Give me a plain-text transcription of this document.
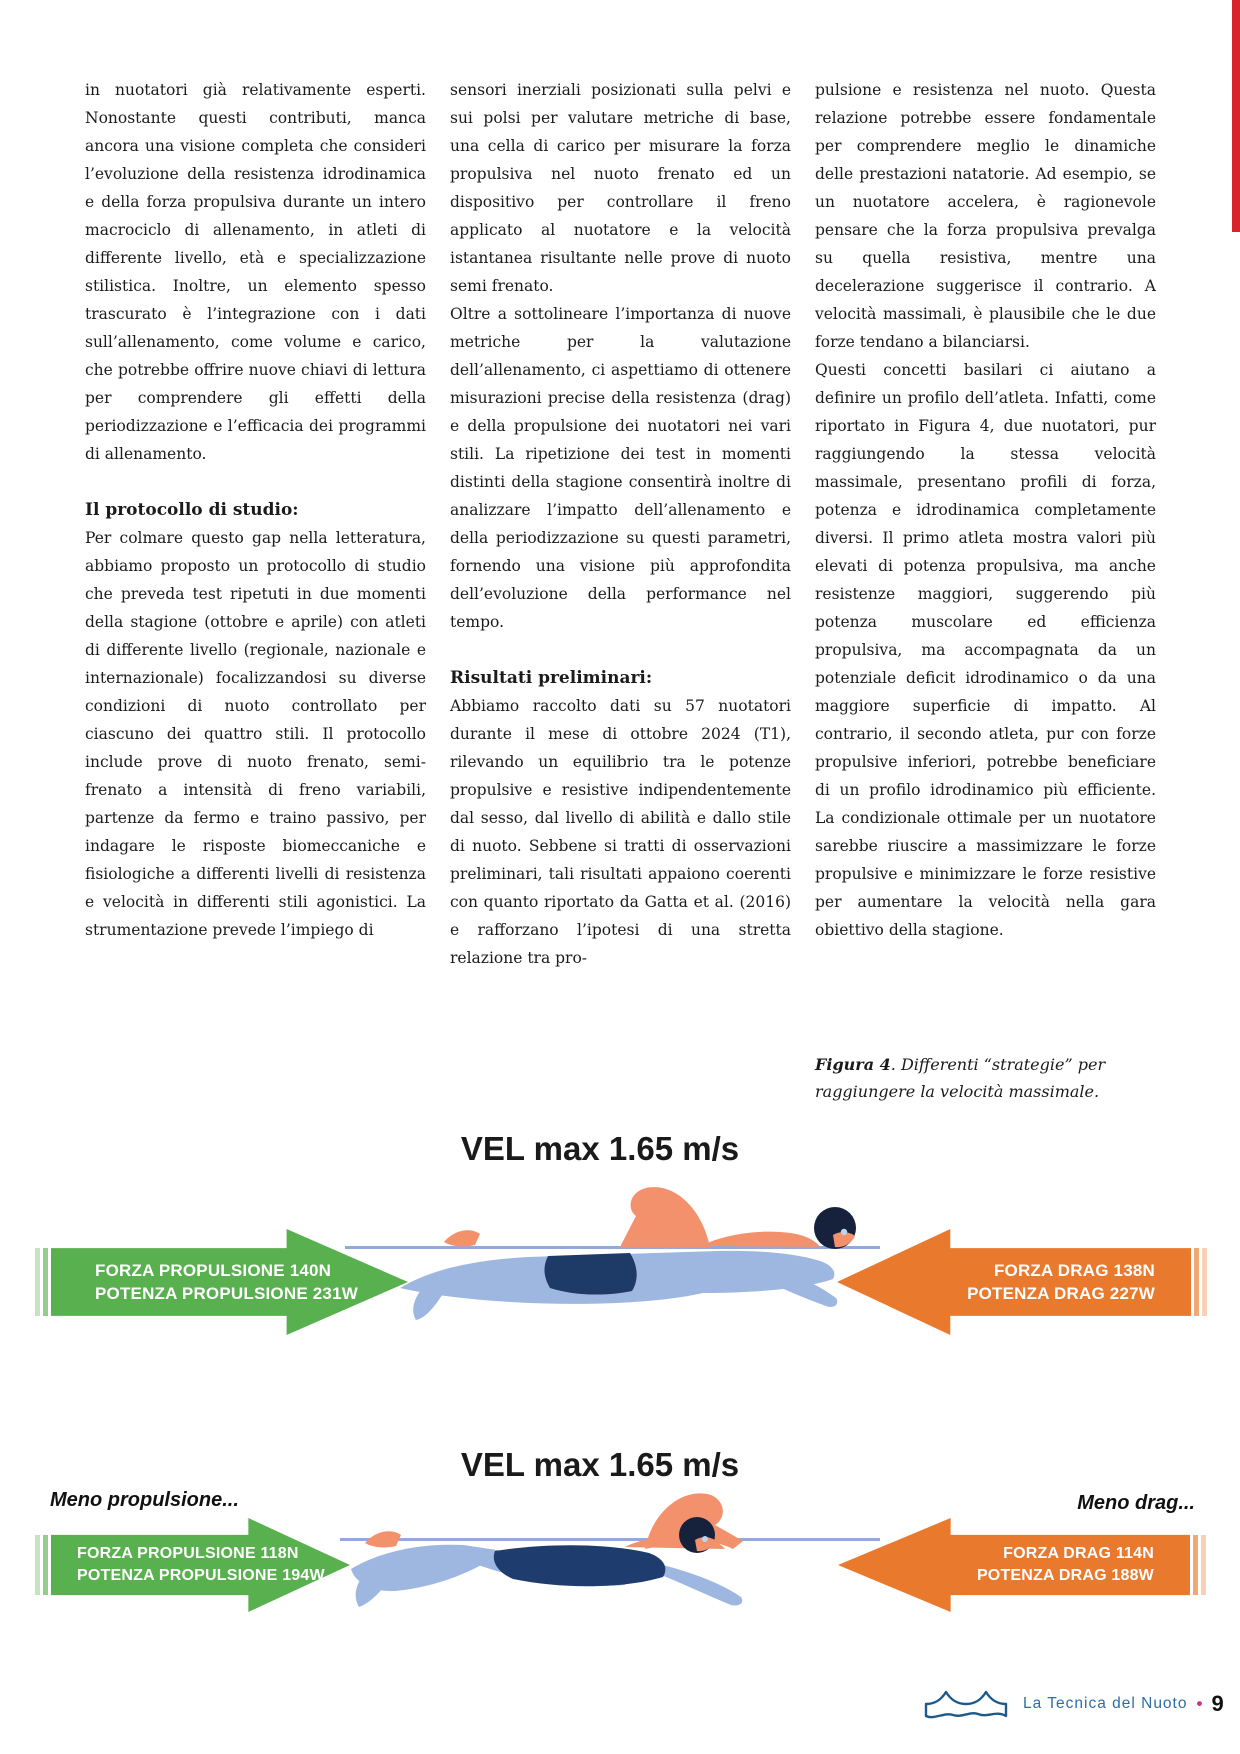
in nuotatori già relativamente esperti. Nonostante questi contributi, manca ancora una visione completa che consideri l’evoluzione della resistenza idrodinamica e della forza propulsiva durante un intero macrociclo di allenamento, in atleti di differente livello, età e specializzazione stilistica. Inoltre, un elemento spesso trascurato è l’integrazione con i dati sull’allenamento, come volume e carico, che potrebbe offrire nuove chiavi di lettura per comprendere gli effetti della periodizzazione e l’efficacia dei programmi di allenamento.

Il protocollo di studio:

Per colmare questo gap nella letteratura, abbiamo proposto un protocollo di studio che preveda test ripetuti in due momenti della stagione (ottobre e aprile) con atleti di differente livello (regionale, nazionale e internazionale) focalizzandosi su diverse condizioni di nuoto controllato per ciascuno dei quattro stili. Il protocollo include prove di nuoto frenato, semi-frenato a intensità di freno variabili, partenze da fermo e traino passivo, per indagare le risposte biomeccaniche e fisiologiche a differenti livelli di resistenza e velocità in differenti stili agonistici. La strumentazione prevede l’impiego di

sensori inerziali posizionati sulla pelvi e sui polsi per valutare metriche di base, una cella di carico per misurare la forza propulsiva nel nuoto frenato ed un dispositivo per controllare il freno applicato al nuotatore e la velocità istantanea risultante nelle prove di nuoto semi frenato.

Oltre a sottolineare l’importanza di nuove metriche per la valutazione dell’allenamento, ci aspettiamo di ottenere misurazioni precise della resistenza (drag) e della propulsione dei nuotatori nei vari stili. La ripetizione dei test in momenti distinti della stagione consentirà inoltre di analizzare l’impatto dell’allenamento e della periodizzazione su questi parametri, fornendo una visione più approfondita dell’evoluzione della performance nel tempo.

Risultati preliminari:

Abbiamo raccolto dati su 57 nuotatori durante il mese di ottobre 2024 (T1), rilevando un equilibrio tra le potenze propulsive e resistive indipendentemente dal sesso, dal livello di abilità e dallo stile di nuoto. Sebbene si tratti di osservazioni preliminari, tali risultati appaiono coerenti con quanto riportato da Gatta et al. (2016) e rafforzano l’ipotesi di una stretta relazione tra pro-

pulsione e resistenza nel nuoto. Questa relazione potrebbe essere fondamentale per comprendere meglio le dinamiche delle prestazioni natatorie. Ad esempio, se un nuotatore accelera, è ragionevole pensare che la forza propulsiva prevalga su quella resistiva, mentre una decelerazione suggerisce il contrario. A velocità massimali, è plausibile che le due forze tendano a bilanciarsi.

Questi concetti basilari ci aiutano a definire un profilo dell’atleta. Infatti, come riportato in Figura 4, due nuotatori, pur raggiungendo la stessa velocità massimale, presentano profili di forza, potenza e idrodinamica completamente diversi. Il primo atleta mostra valori più elevati di potenza propulsiva, ma anche resistenze maggiori, suggerendo più potenza muscolare ed efficienza propulsiva, ma accompagnata da un potenziale deficit idrodinamico o da una maggiore superficie di impatto. Al contrario, il secondo atleta, pur con forze propulsive inferiori, potrebbe beneficiare di un profilo idrodinamico più efficiente. La condizionale ottimale per un nuotatore sarebbe riuscire a massimizzare le forze propulsive e minimizzare le forze resistive per aumentare la velocità nella gara obiettivo della stagione.

Figura 4. Differenti “strategie” per raggiungere la velocità massimale.

VEL max 1.65 m/s
FORZA PROPULSIONE 140N
POTENZA PROPULSIONE 231W
FORZA DRAG 138N
POTENZA DRAG 227W
VEL max 1.65 m/s
Meno propulsione...	Meno drag...
FORZA PROPULSIONE 118N
POTENZA PROPULSIONE 194W
FORZA DRAG 114N
POTENZA DRAG 188W
La Tecnica del Nuoto • 9
